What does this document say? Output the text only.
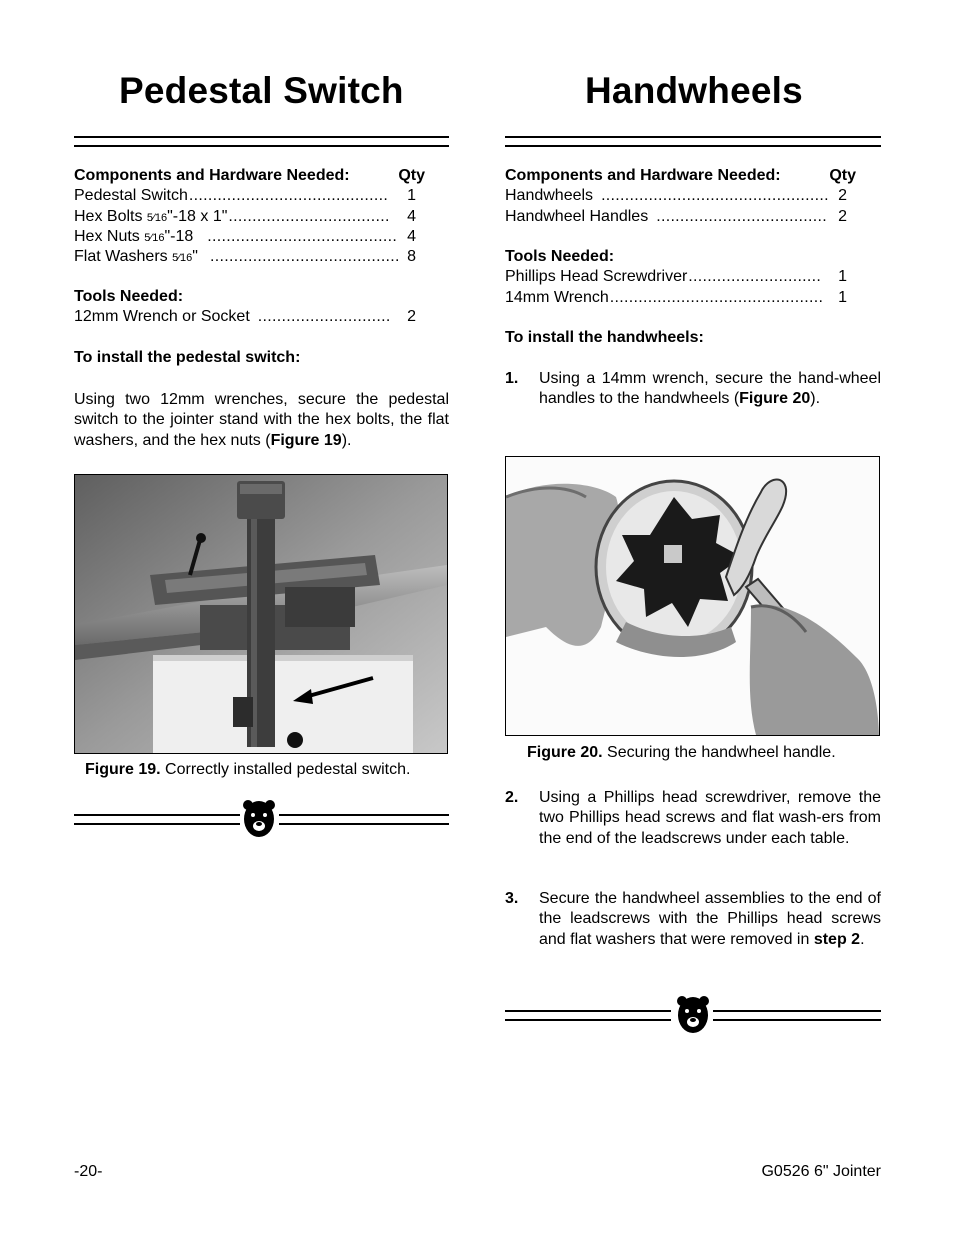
Pedestal Switch
Components and Hardware Needed:	Qty
Pedestal Switch ..........................................	1
Hex Bolts 5⁄16"-18 x 1" ..................................	4
Hex Nuts 5⁄16"-18 ........................................ 4
Flat Washers 5⁄16" ........................................ 8
Tools Needed:
12mm Wrench or Socket ............................	2
To install the pedestal switch:
Using two 12mm wrenches, secure the pedestal switch to the jointer stand with the hex bolts, the flat washers, and the hex nuts (Figure 19).
Figure 19. Correctly installed pedestal switch.
-20-
Handwheels
Components and Hardware Needed:	Qty
Handwheels ................................................ 2
Handwheel Handles .................................... 2
Tools Needed:
Phillips Head Screwdriver ............................	1
14mm Wrench ............................................. 1
To install the handwheels:
1. Using a 14mm wrench, secure the hand-wheel handles to the handwheels (Figure 20).
Figure 20. Securing the handwheel handle.
2. Using a Phillips head screwdriver, remove the two Phillips head screws and flat wash-ers from the end of the leadscrews under each table.
3. Secure the handwheel assemblies to the end of the leadscrews with the Phillips head screws and flat washers that were removed in step 2.
G0526 6" Jointer
